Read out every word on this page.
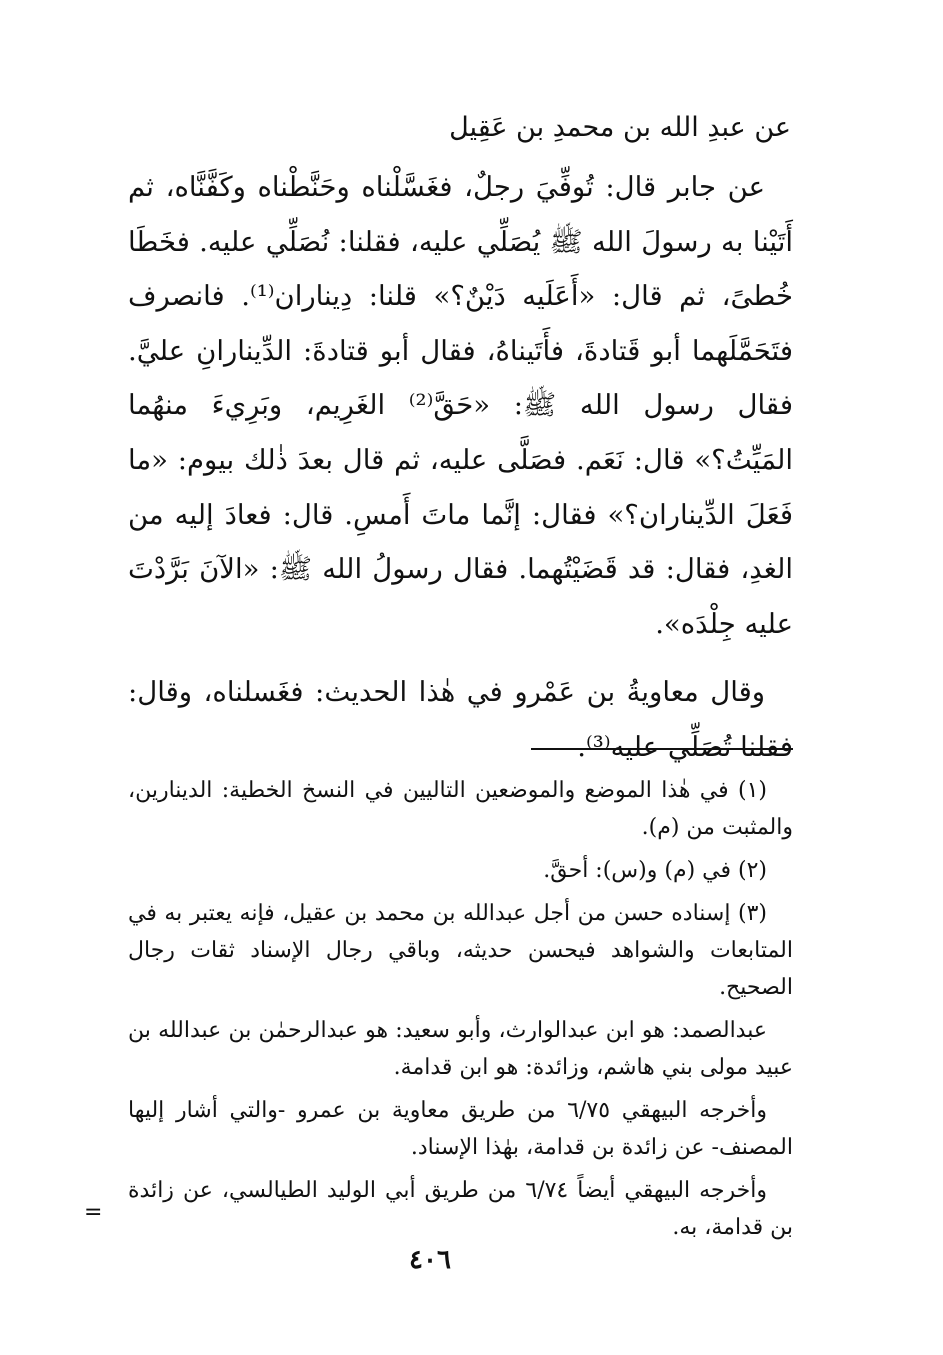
عن عبدِ الله بن محمدِ بن عَقِيل

عن جابر قال: تُوفِّيَ رجلٌ، فغَسَّلْناه وحَنَّطْناه وكَفَّنَّاه، ثم أَتَيْنا به رسولَ الله ﷺ يُصَلِّي عليه، فقلنا: نُصَلِّي عليه. فخَطَا خُطىً، ثم قال: «أَعَلَيه دَيْنٌ؟» قلنا: دِيناران⁽¹⁾. فانصرف فتَحَمَّلَهما أبو قَتادةَ، فأَتَيناهُ، فقال أبو قتادةَ: الدِّينارانِ عليَّ. فقال رسول الله ﷺ: «حَقَّ⁽²⁾ الغَرِيم، وبَرِيءَ منهُما المَيِّتُ؟» قال: نَعَم. فصَلَّى عليه، ثم قال بعدَ ذٰلك بيوم: «ما فَعَلَ الدِّيناران؟» فقال: إنَّما ماتَ أَمسِ. قال: فعادَ إليه من الغدِ، فقال: قد قَضَيْتُهما. فقال رسولُ الله ﷺ: «الآنَ بَرَّدْتَ عليه جِلْدَه».

وقال معاويةُ بن عَمْرو في هٰذا الحديث: فغَسلناه، وقال: فقلنا تُصَلِّي عليه⁽³⁾.

(١) في هٰذا الموضع والموضعين التاليين في النسخ الخطية: الدينارين، والمثبت من (م).

(٢) في (م) و(س): أحقَّ.

(٣) إسناده حسن من أجل عبدالله بن محمد بن عقيل، فإنه يعتبر به في المتابعات والشواهد فيحسن حديثه، وباقي رجال الإسناد ثقات رجال الصحيح.

عبدالصمد: هو ابن عبدالوارث، وأبو سعيد: هو عبدالرحمٰن بن عبدالله بن عبيد مولى بني هاشم، وزائدة: هو ابن قدامة.

وأخرجه البيهقي ٦/٧٥ من طريق معاوية بن عمرو -والتي أشار إليها المصنف- عن زائدة بن قدامة، بهٰذا الإسناد.

وأخرجه البيهقي أيضاً ٦/٧٤ من طريق أبي الوليد الطيالسي، عن زائدة بن قدامة، به.

=
٤٠٦
